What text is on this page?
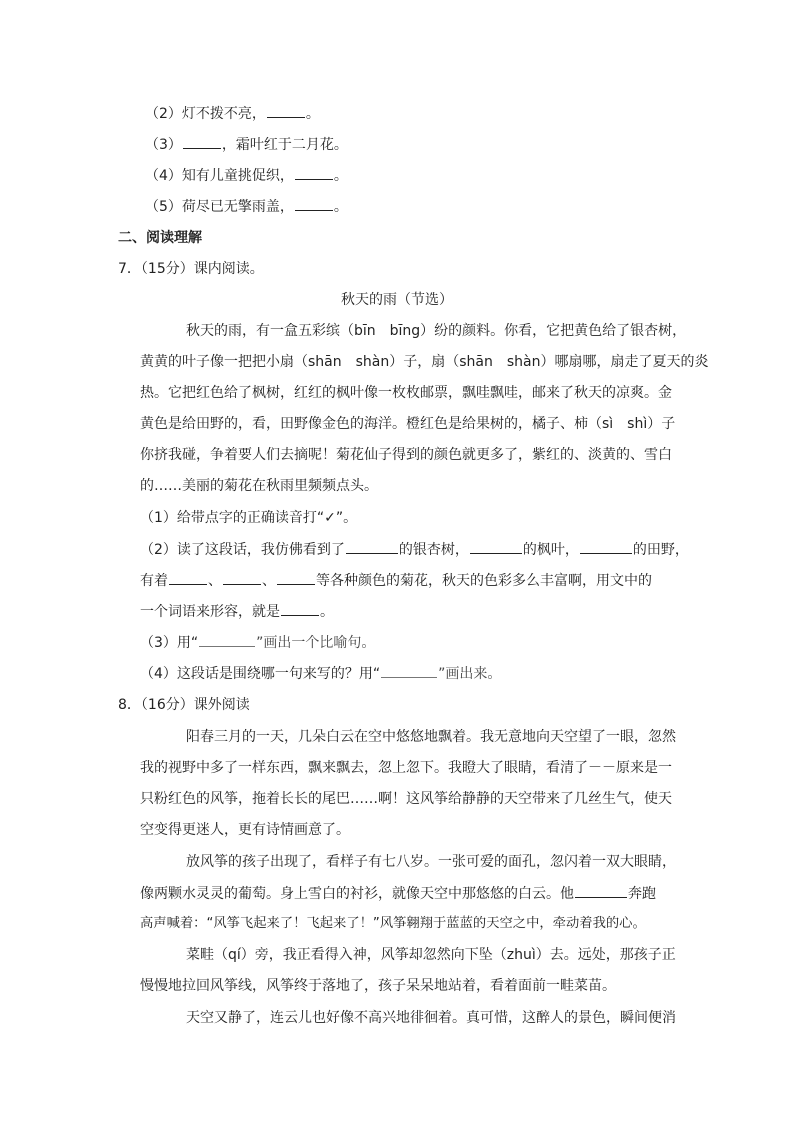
（2）灯不拨不亮，	。
（3）	，霜叶红于二月花。
（4）知有儿童挑促织，	。
（5）荷尽已无擎雨盖，	。
二、阅读理解
7．（15分）课内阅读。
秋天的雨（节选）
秋天的雨，有一盒五彩缤（bīn　bīng）纷的颜料。你看，它把黄色给了银杏树，
黄黄的叶子像一把把小扇（shān　shàn）子，扇（shān　shàn）哪扇哪，扇走了夏天的炎
热。它把红色给了枫树，红红的枫叶像一枚枚邮票，飘哇飘哇，邮来了秋天的凉爽。金
黄色是给田野的，看，田野像金色的海洋。橙红色是给果树的，橘子、柿（sì　shì）子
你挤我碰，争着要人们去摘呢！菊花仙子得到的颜色就更多了，紫红的、淡黄的、雪白
的……美丽的菊花在秋雨里频频点头。
（1）给带点字的正确读音打“✓”。
（2）读了这段话，我仿佛看到了	的银杏树，	的枫叶，	的田野，
有着	、	、	等各种颜色的菊花，秋天的色彩多么丰富啊，用文中的
一个词语来形容，就是	。
（3）用“	”画出一个比喻句。
（4）这段话是围绕哪一句来写的？用“	”画出来。
8．（16分）课外阅读
阳春三月的一天，几朵白云在空中悠悠地飘着。我无意地向天空望了一眼，忽然
我的视野中多了一样东西，飘来飘去，忽上忽下。我瞪大了眼睛，看清了－－原来是一
只粉红色的风筝，拖着长长的尾巴……啊！这风筝给静静的天空带来了几丝生气，使天
空变得更迷人，更有诗情画意了。
放风筝的孩子出现了，看样子有七八岁。一张可爱的面孔，忽闪着一双大眼睛，
像两颗水灵灵的葡萄。身上雪白的衬衫，就像天空中那悠悠的白云。他	奔跑
高声喊着：“风筝飞起来了！飞起来了！”风筝翱翔于蓝蓝的天空之中，牵动着我的心。
菜畦（qí）旁，我正看得入神，风筝却忽然向下坠（zhuì）去。远处，那孩子正
慢慢地拉回风筝线，风筝终于落地了，孩子呆呆地站着，看着面前一畦菜苗。
天空又静了，连云儿也好像不高兴地徘徊着。真可惜，这醉人的景色，瞬间便消
